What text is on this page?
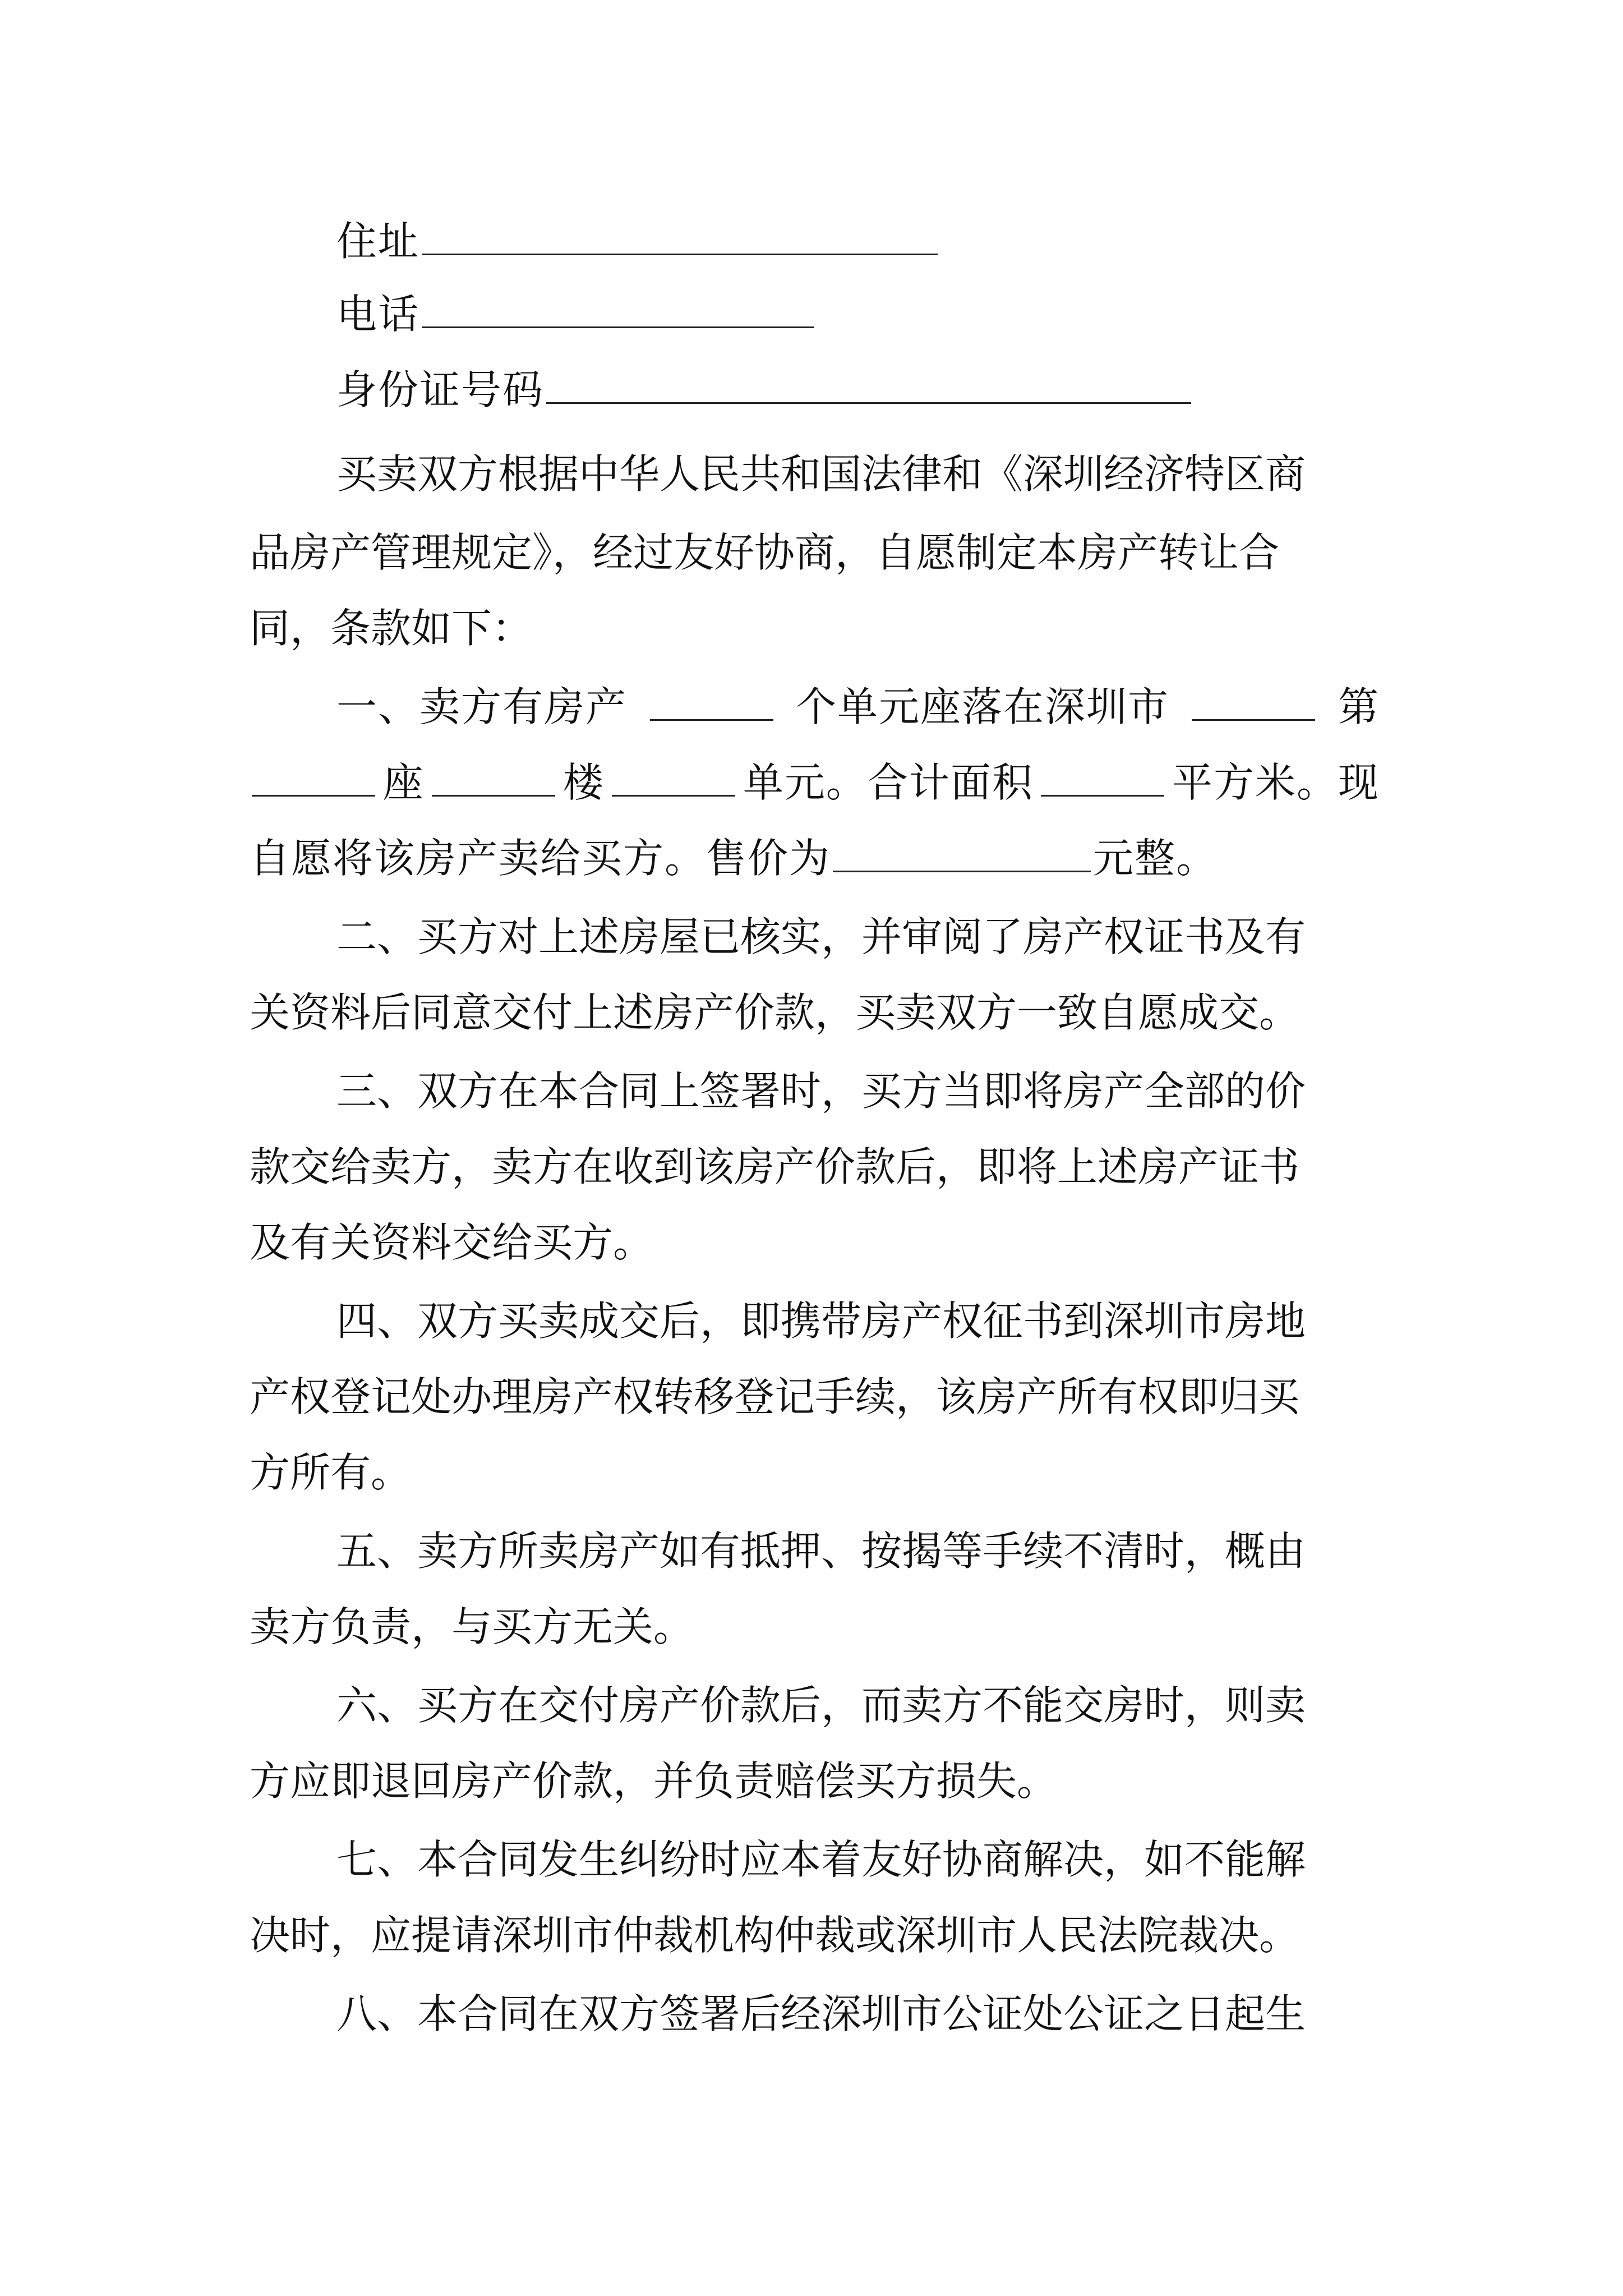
住址
电话
身份证号码
买卖双方根据中华人民共和国法律和《深圳经济特区商
品房产管理规定》，经过友好协商，自愿制定本房产转让合
同，条款如下：
一、卖方有房产	个单元座落在深圳市	第
座	楼	单元。合计面积	平方米。现
自愿将该房产卖给买方。售价为	元整。
二、买方对上述房屋已核实，并审阅了房产权证书及有
关资料后同意交付上述房产价款，买卖双方一致自愿成交。
三、双方在本合同上签署时，买方当即将房产全部的价
款交给卖方，卖方在收到该房产价款后，即将上述房产证书
及有关资料交给买方。
四、双方买卖成交后，即携带房产权征书到深圳市房地
产权登记处办理房产权转移登记手续，该房产所有权即归买
方所有。
五、卖方所卖房产如有抵押、按揭等手续不清时，概由
卖方负责，与买方无关。
六、买方在交付房产价款后，而卖方不能交房时，则卖
方应即退回房产价款，并负责赔偿买方损失。
七、本合同发生纠纷时应本着友好协商解决，如不能解
决时，应提请深圳市仲裁机构仲裁或深圳市人民法院裁决。
八、本合同在双方签署后经深圳市公证处公证之日起生
